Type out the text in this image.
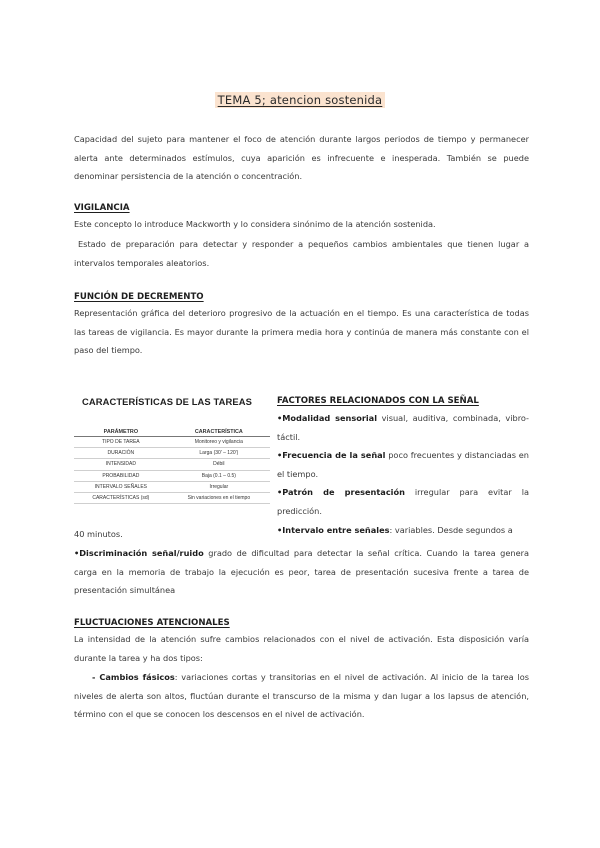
TEMA 5; atencion sostenida
Capacidad del sujeto para mantener el foco de atención durante largos periodos de tiempo y permanecer alerta ante determinados estímulos, cuya aparición es infrecuente e inesperada. También se puede denominar persistencia de la atención o concentración.
VIGILANCIA
Este concepto lo introduce Mackworth y lo considera sinónimo de la atención sostenida.
Estado de preparación para detectar y responder a pequeños cambios ambientales que tienen lugar a intervalos temporales aleatorios.
FUNCIÓN DE DECREMENTO
Representación gráfica del deterioro progresivo de la actuación en el tiempo. Es una característica de todas las tareas de vigilancia. Es mayor durante la primera media hora y continúa de manera más constante con el paso del tiempo.
CARACTERÍSTICAS DE LAS TAREAS
PARÁMETRO	CARACTERÍSTICA
TIPO DE TAREA	Monitoreo y vigilancia
DURACIÓN	Larga (30' – 120')
INTENSIDAD	Débil
PROBABILIDAD	Baja (0.1 – 0.5)
INTERVALO SEÑALES	Irregular
CARACTERÍSTICAS (sd)	Sin variaciones en el tiempo
FACTORES RELACIONADOS CON LA SEÑAL
•Modalidad sensorial visual, auditiva, combinada, vibro-táctil.
•Frecuencia de la señal poco frecuentes y distanciadas en el tiempo.
•Patrón de presentación irregular para evitar la predicción.
•Intervalo entre señales: variables. Desde segundos a
40 minutos.
•Discriminación señal/ruido grado de dificultad para detectar la señal crítica. Cuando la tarea genera carga en la memoria de trabajo la ejecución es peor, tarea de presentación sucesiva frente a tarea de presentación simultánea
FLUCTUACIONES ATENCIONALES
La intensidad de la atención sufre cambios relacionados con el nivel de activación. Esta disposición varía durante la tarea y ha dos tipos:
- Cambios fásicos: variaciones cortas y transitorias en el nivel de activación. Al inicio de la tarea los niveles de alerta son altos, fluctúan durante el transcurso de la misma y dan lugar a los lapsus de atención, término con el que se conocen los descensos en el nivel de activación.
